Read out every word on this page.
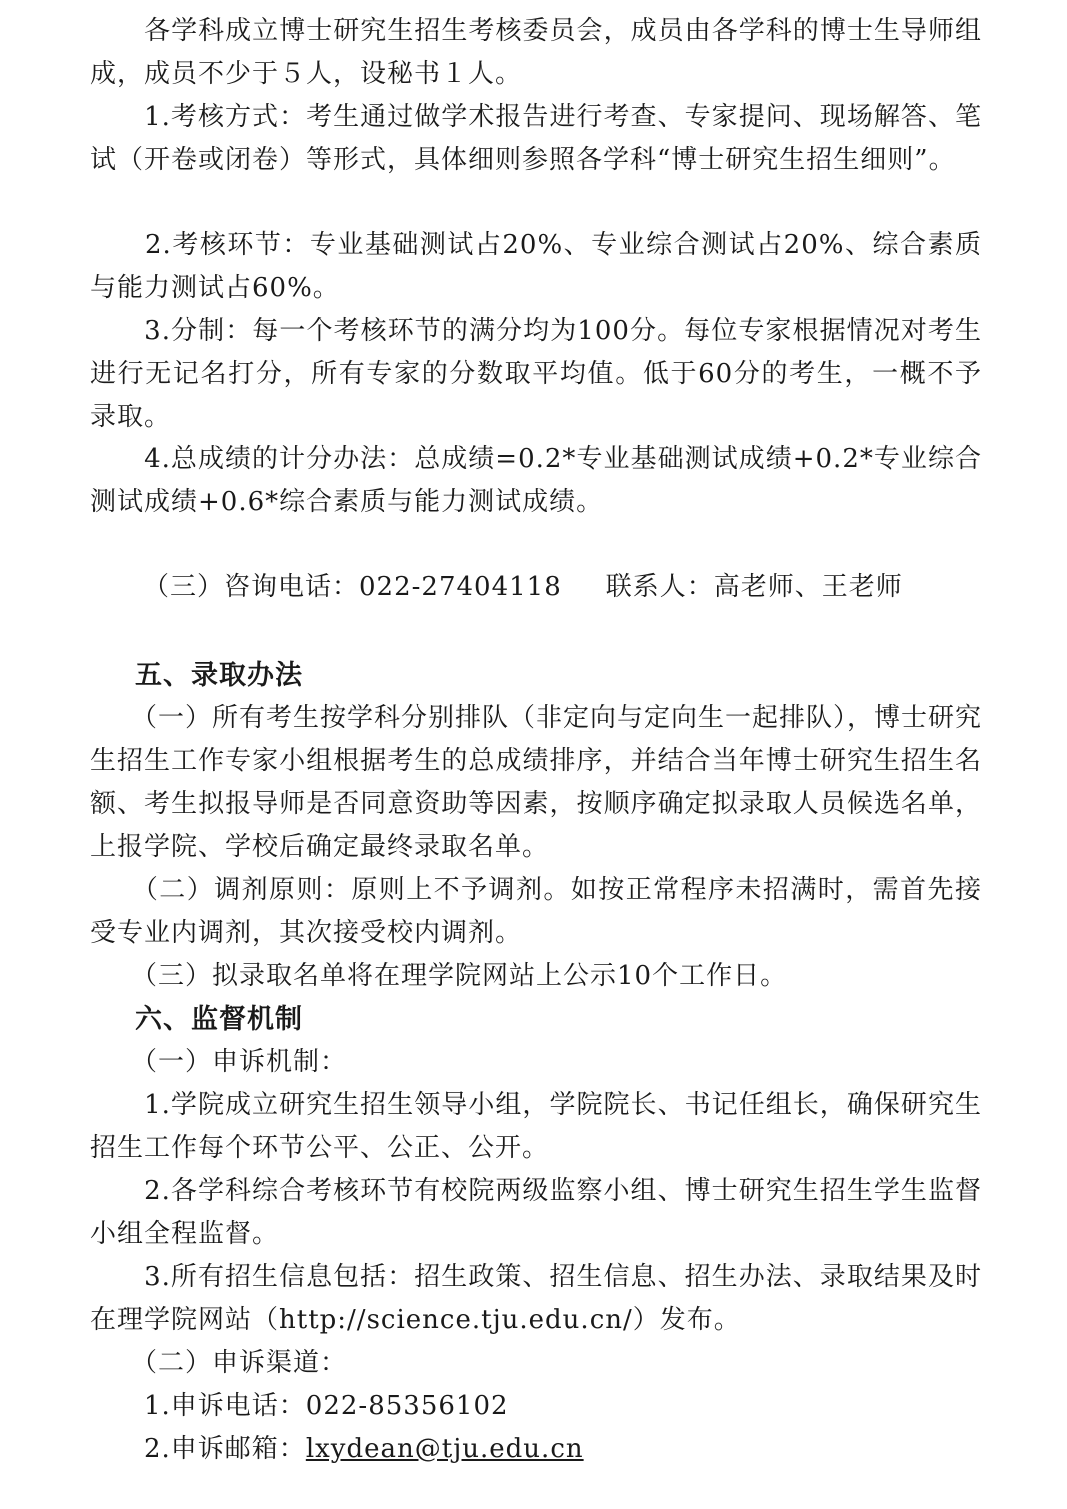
　　各学科成立博士研究生招生考核委员会，成员由各学科的博士生导师组成，成员不少于５人，设秘书１人。

　　1.考核方式：考生通过做学术报告进行考查、专家提问、现场解答、笔试（开卷或闭卷）等形式，具体细则参照各学科“博士研究生招生细则”。

　　2.考核环节：专业基础测试占20%、专业综合测试占20%、综合素质与能力测试占60%。

　　3.分制：每一个考核环节的满分均为100分。每位专家根据情况对考生进行无记名打分，所有专家的分数取平均值。低于60分的考生，一概不予录取。

　　4.总成绩的计分办法：总成绩=0.2*专业基础测试成绩+0.2*专业综合测试成绩+0.6*综合素质与能力测试成绩。

（三）咨询电话：022-27404118 联系人：高老师、王老师
五、录取办法

　　（一）所有考生按学科分别排队（非定向与定向生一起排队），博士研究生招生工作专家小组根据考生的总成绩排序，并结合当年博士研究生招生名额、考生拟报导师是否同意资助等因素，按顺序确定拟录取人员候选名单，上报学院、学校后确定最终录取名单。

　　（二）调剂原则：原则上不予调剂。如按正常程序未招满时，需首先接受专业内调剂，其次接受校内调剂。

　　（三）拟录取名单将在理学院网站上公示10个工作日。

六、监督机制

　　（一）申诉机制：

　　1.学院成立研究生招生领导小组，学院院长、书记任组长，确保研究生招生工作每个环节公平、公正、公开。

　　2.各学科综合考核环节有校院两级监察小组、博士研究生招生学生监督小组全程监督。

　　3.所有招生信息包括：招生政策、招生信息、招生办法、录取结果及时在理学院网站（http://science.tju.edu.cn/）发布。

　　（二）申诉渠道：

　　1.申诉电话：022-85356102

　　2.申诉邮箱：lxydean@tju.edu.cn
